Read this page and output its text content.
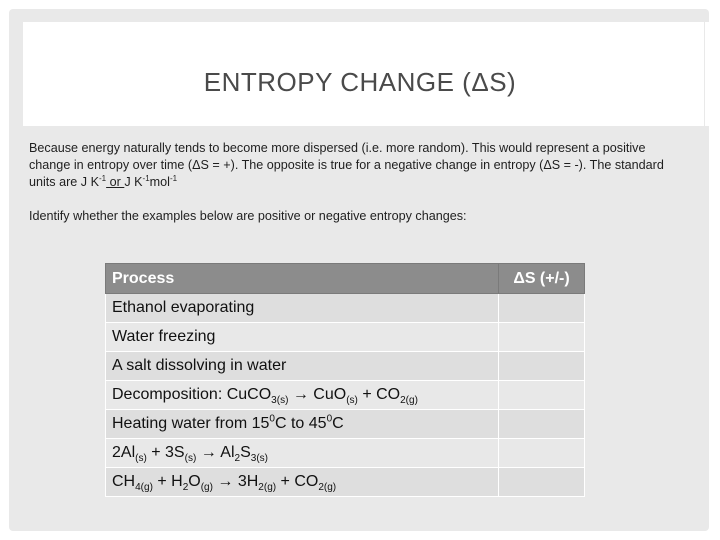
ENTROPY CHANGE (ΔS)

Because energy naturally tends to become more dispersed (i.e. more random). This would represent a positive change in entropy over time (ΔS = +). The opposite is true for a negative change in entropy (ΔS = -). The standard units are J $K^{-1}$ or J $K^{-1}mol^{-1}$

Identify whether the examples below are positive or negative entropy changes:

Process	ΔS (+/-)
Ethanol evaporating	
Water freezing	
A salt dissolving in water	
Decomposition: CuCO$_{3(s)}$ → $CuO_{(s)} + CO_{2(g)}$	
Heating water from $15^0C$ to $45^0C$	
$2Al_{(s)} + 3S_{(s)} \to Al_2S_{3(s)}$	
$CH_{4(g)} + H_2O_{(g)} \to 3H_{2(g)} + CO_{2(g)}$	
